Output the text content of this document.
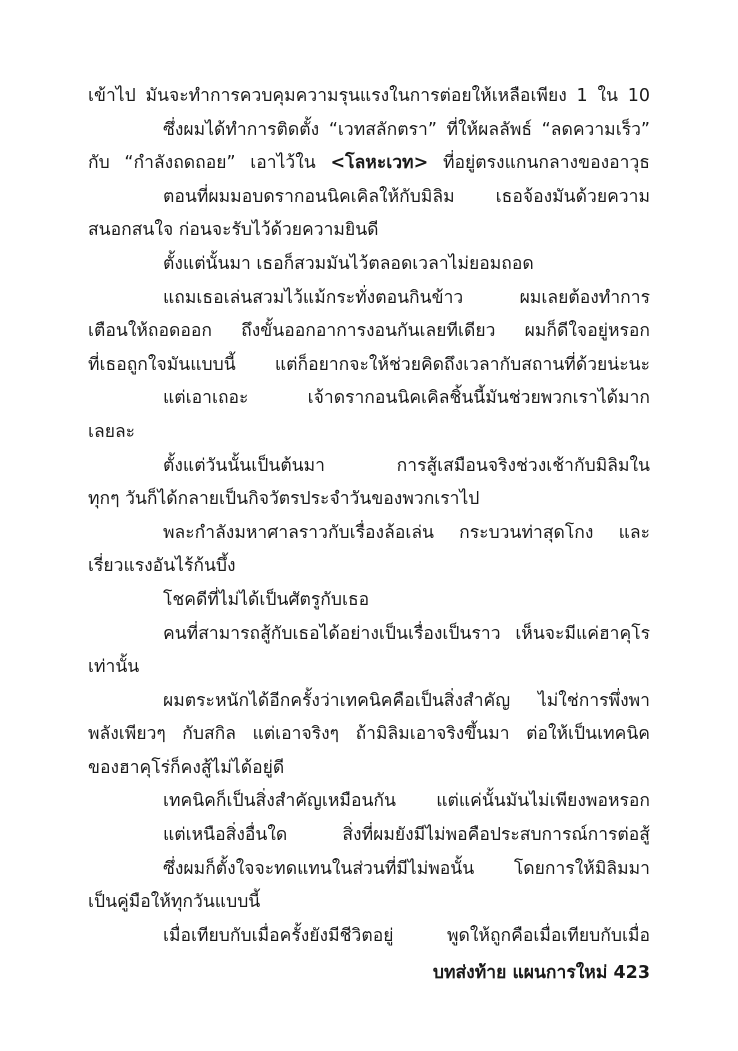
เข้าไป มันจะทำการควบคุมความรุนแรงในการต่อยให้เหลือเพียง 1 ใน 10
ซึ่งผมได้ทำการติดตั้ง “เวทสลักตรา” ที่ให้ผลลัพธ์ “ลดความเร็ว”
กับ “กำลังถดถอย” เอาไว้ใน <โลหะเวท> ที่อยู่ตรงแกนกลางของอาวุธ
ตอนที่ผมมอบดรากอนนิคเคิลให้กับมิลิม เธอจ้องมันด้วยความ
สนอกสนใจ ก่อนจะรับไว้ด้วยความยินดี
ตั้งแต่นั้นมา เธอก็สวมมันไว้ตลอดเวลาไม่ยอมถอด
แถมเธอเล่นสวมไว้แม้กระทั่งตอนกินข้าว ผมเลยต้องทำการ
เตือนให้ถอดออก ถึงขั้นออกอาการงอนกันเลยทีเดียว ผมก็ดีใจอยู่หรอก
ที่เธอถูกใจมันแบบนี้ แต่ก็อยากจะให้ช่วยคิดถึงเวลากับสถานที่ด้วยน่ะนะ
แต่เอาเถอะ เจ้าดรากอนนิคเคิลชิ้นนี้มันช่วยพวกเราได้มาก
เลยละ
ตั้งแต่วันนั้นเป็นต้นมา การสู้เสมือนจริงช่วงเช้ากับมิลิมใน
ทุกๆ วันก็ได้กลายเป็นกิจวัตรประจำวันของพวกเราไป
พละกำลังมหาศาลราวกับเรื่องล้อเล่น กระบวนท่าสุดโกง และ
เรี่ยวแรงอันไร้ก้นบึ้ง
โชคดีที่ไม่ได้เป็นศัตรูกับเธอ
คนที่สามารถสู้กับเธอได้อย่างเป็นเรื่องเป็นราว เห็นจะมีแค่ฮาคุโร
เท่านั้น
ผมตระหนักได้อีกครั้งว่าเทคนิคคือเป็นสิ่งสำคัญ ไม่ใช่การพึ่งพา
พลังเพียวๆ กับสกิล แต่เอาจริงๆ ถ้ามิลิมเอาจริงขึ้นมา ต่อให้เป็นเทคนิค
ของฮาคุโร่ก็คงสู้ไม่ได้อยู่ดี
เทคนิคก็เป็นสิ่งสำคัญเหมือนกัน แต่แค่นั้นมันไม่เพียงพอหรอก
แต่เหนือสิ่งอื่นใด สิ่งที่ผมยังมีไม่พอคือประสบการณ์การต่อสู้
ซึ่งผมก็ตั้งใจจะทดแทนในส่วนที่มีไม่พอนั้น โดยการให้มิลิมมา
เป็นคู่มือให้ทุกวันแบบนี้
เมื่อเทียบกับเมื่อครั้งยังมีชีวิตอยู่ พูดให้ถูกคือเมื่อเทียบกับเมื่อ
บทส่งท้าย แผนการใหม่ 423
